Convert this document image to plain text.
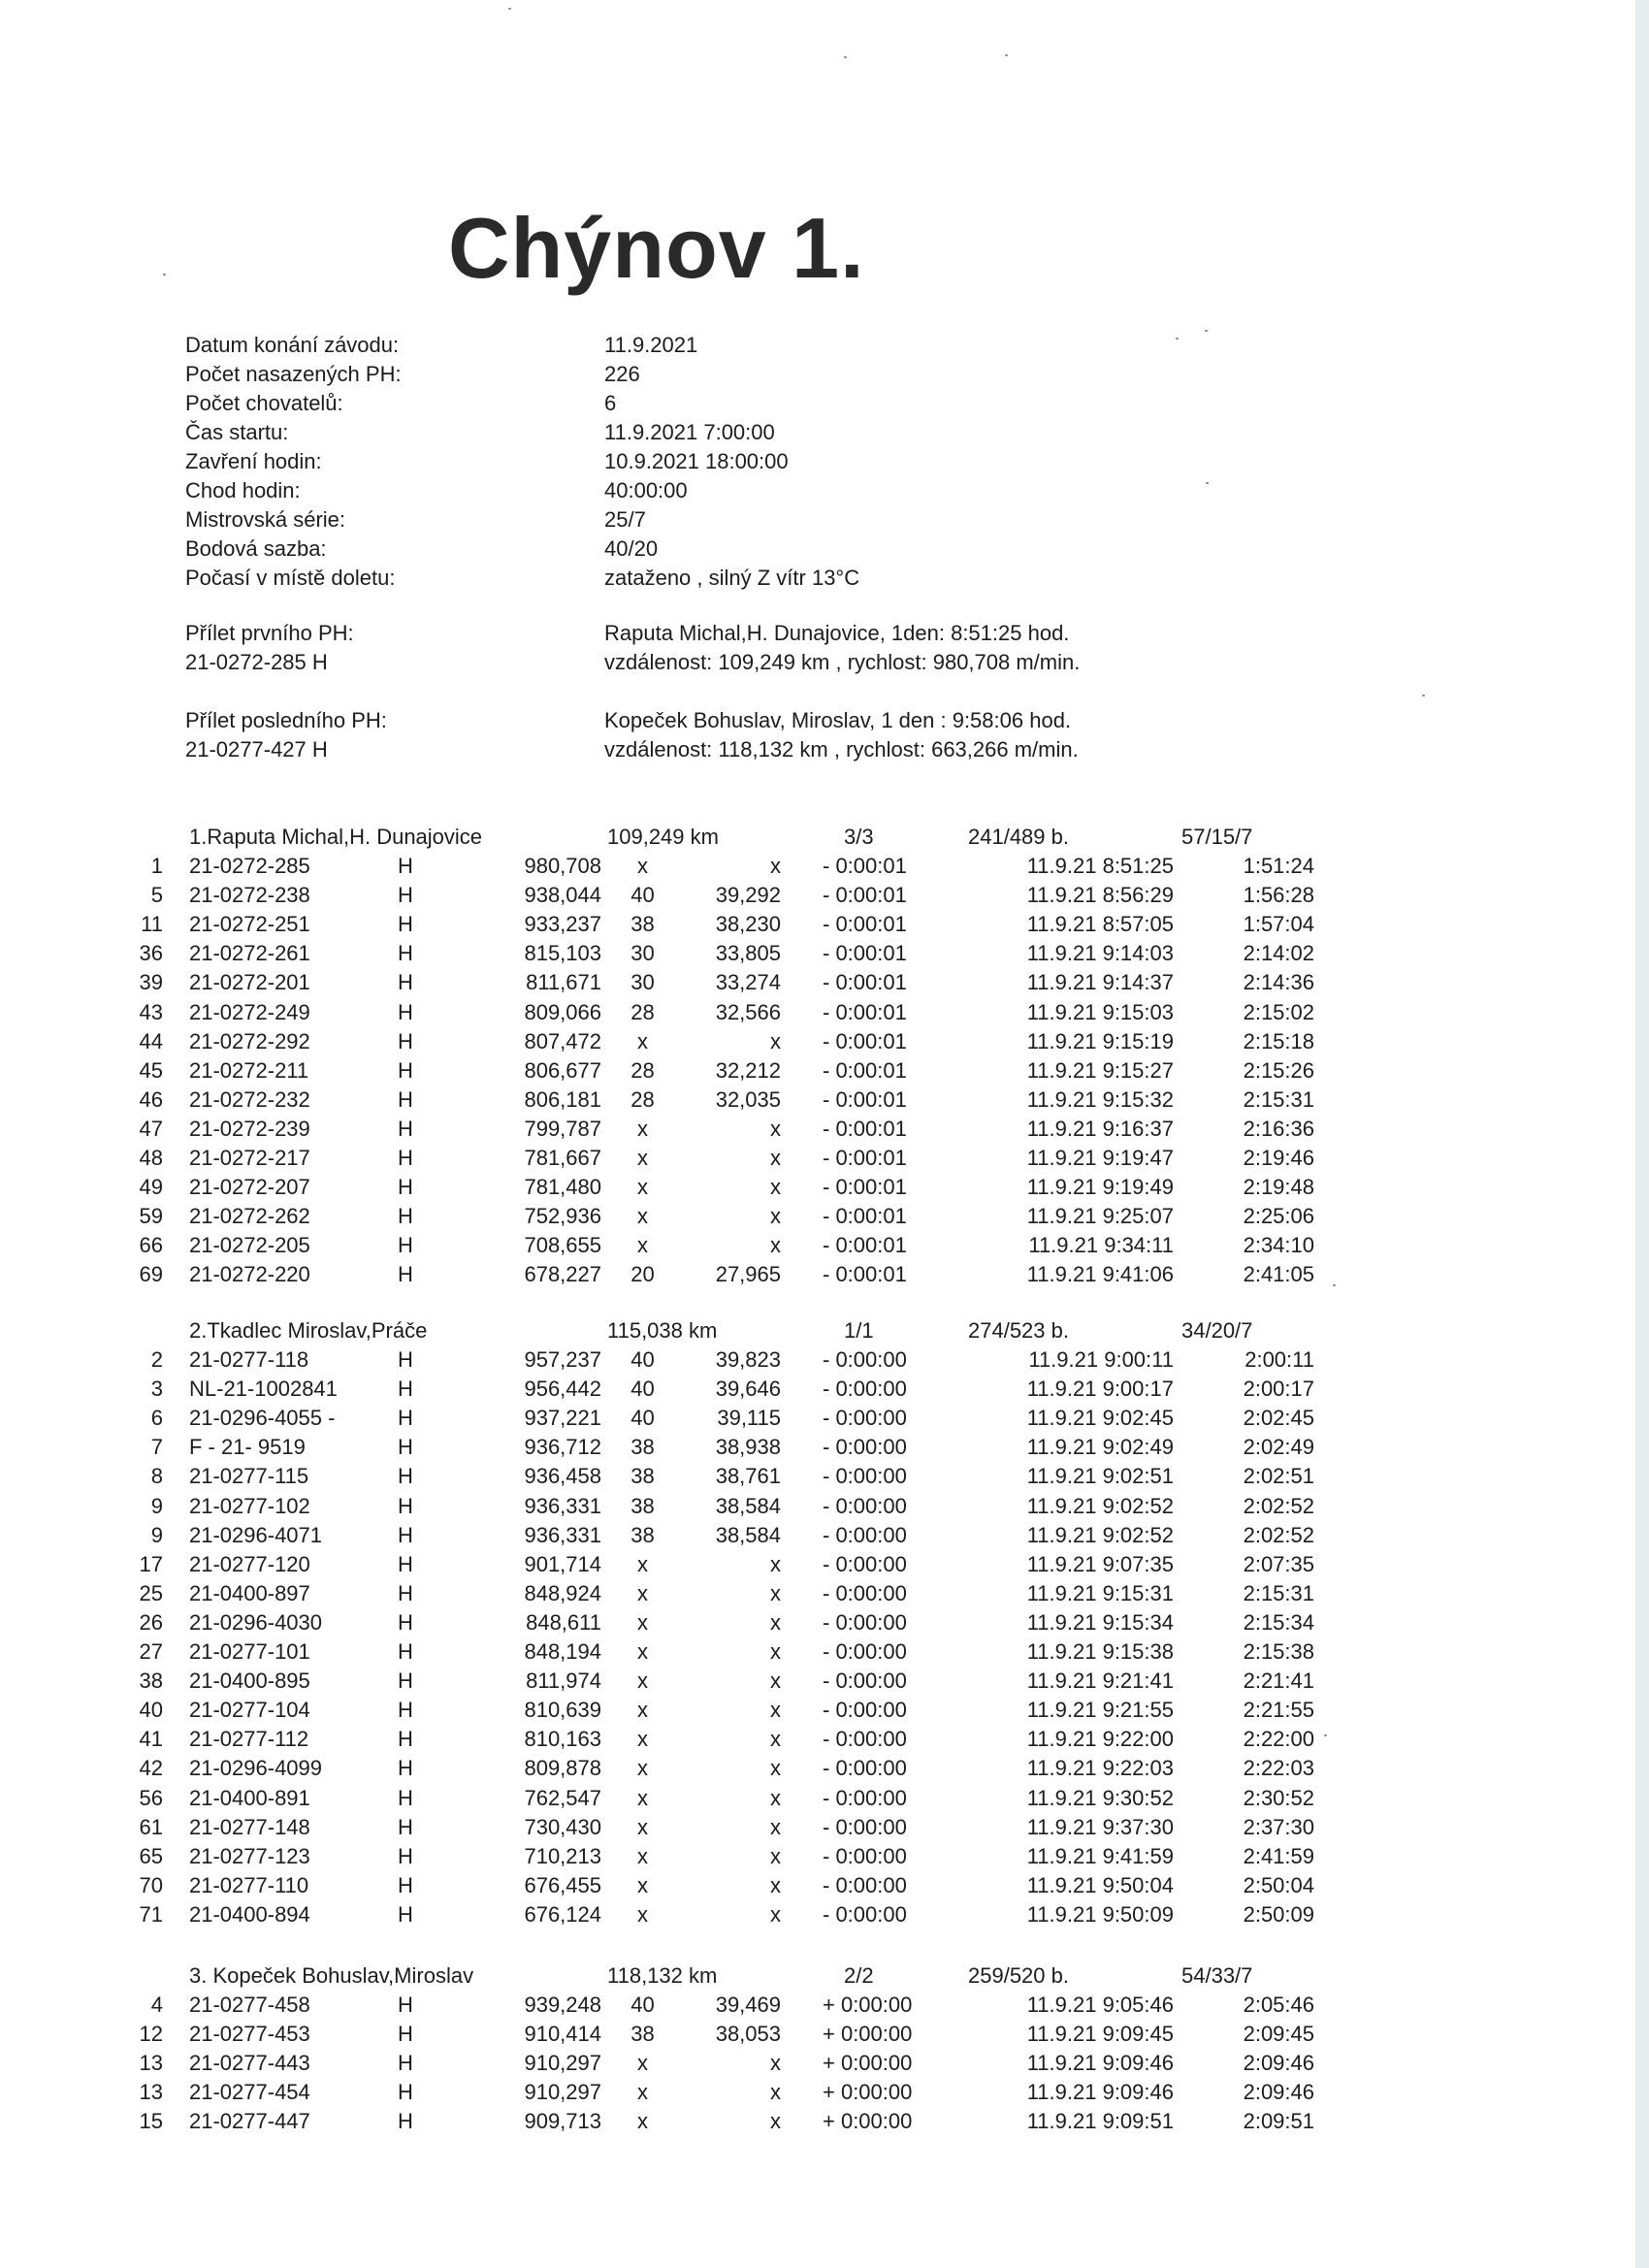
Chýnov 1.
Datum konání závodu:	11.9.2021
Počet nasazených PH:	226
Počet chovatelů:	6
Čas startu:	11.9.2021 7:00:00
Zavření hodin:	10.9.2021 18:00:00
Chod hodin:	40:00:00
Mistrovská série:	25/7
Bodová sazba:	40/20
Počasí v místě doletu:	zataženo , silný Z vítr 13°C
Přílet prvního PH:
21-0272-285 H
Raputa Michal,H. Dunajovice, 1den: 8:51:25 hod.
vzdálenost: 109,249 km , rychlost: 980,708 m/min.
Přílet posledního PH:
21-0277-427 H
Kopeček Bohuslav, Miroslav, 1 den : 9:58:06 hod.
vzdálenost: 118,132 km , rychlost: 663,266 m/min.
1.Raputa Michal,H. Dunajovice	109,249 km	3/3	241/489 b.	57/15/7
1 21-0272-285	H	980,708	x	x - 0:00:01	11.9.21 8:51:25	1:51:24
5 21-0272-238	H	938,044	40	39,292 - 0:00:01	11.9.21 8:56:29	1:56:28
11 21-0272-251	H	933,237	38	38,230 - 0:00:01	11.9.21 8:57:05	1:57:04
36 21-0272-261	H	815,103	30	33,805 - 0:00:01	11.9.21 9:14:03	2:14:02
39 21-0272-201	H	811,671	30	33,274 - 0:00:01	11.9.21 9:14:37	2:14:36
43 21-0272-249	H	809,066	28	32,566 - 0:00:01	11.9.21 9:15:03	2:15:02
44 21-0272-292	H	807,472	x	x - 0:00:01	11.9.21 9:15:19	2:15:18
45 21-0272-211	H	806,677	28	32,212 - 0:00:01	11.9.21 9:15:27	2:15:26
46 21-0272-232	H	806,181	28	32,035 - 0:00:01	11.9.21 9:15:32	2:15:31
47 21-0272-239	H	799,787	x	x - 0:00:01	11.9.21 9:16:37	2:16:36
48 21-0272-217	H	781,667	x	x - 0:00:01	11.9.21 9:19:47	2:19:46
49 21-0272-207	H	781,480	x	x - 0:00:01	11.9.21 9:19:49	2:19:48
59 21-0272-262	H	752,936	x	x - 0:00:01	11.9.21 9:25:07	2:25:06
66 21-0272-205	H	708,655	x	x - 0:00:01	11.9.21 9:34:11	2:34:10
69 21-0272-220	H	678,227	20	27,965 - 0:00:01	11.9.21 9:41:06	2:41:05
2.Tkadlec Miroslav,Práče	115,038 km	1/1	274/523 b.	34/20/7
2 21-0277-118	H	957,237	40	39,823 - 0:00:00	11.9.21 9:00:11	2:00:11
3 NL-21-1002841	H	956,442	40	39,646 - 0:00:00	11.9.21 9:00:17	2:00:17
6 21-0296-4055 -	H	937,221	40	39,115 - 0:00:00	11.9.21 9:02:45	2:02:45
7 F - 21- 9519	H	936,712	38	38,938 - 0:00:00	11.9.21 9:02:49	2:02:49
8 21-0277-115	H	936,458	38	38,761 - 0:00:00	11.9.21 9:02:51	2:02:51
9 21-0277-102	H	936,331	38	38,584 - 0:00:00	11.9.21 9:02:52	2:02:52
9 21-0296-4071	H	936,331	38	38,584 - 0:00:00	11.9.21 9:02:52	2:02:52
17 21-0277-120	H	901,714	x	x - 0:00:00	11.9.21 9:07:35	2:07:35
25 21-0400-897	H	848,924	x	x - 0:00:00	11.9.21 9:15:31	2:15:31
26 21-0296-4030	H	848,611	x	x - 0:00:00	11.9.21 9:15:34	2:15:34
27 21-0277-101	H	848,194	x	x - 0:00:00	11.9.21 9:15:38	2:15:38
38 21-0400-895	H	811,974	x	x - 0:00:00	11.9.21 9:21:41	2:21:41
40 21-0277-104	H	810,639	x	x - 0:00:00	11.9.21 9:21:55	2:21:55
41 21-0277-112	H	810,163	x	x - 0:00:00	11.9.21 9:22:00	2:22:00
42 21-0296-4099	H	809,878	x	x - 0:00:00	11.9.21 9:22:03	2:22:03
56 21-0400-891	H	762,547	x	x - 0:00:00	11.9.21 9:30:52	2:30:52
61 21-0277-148	H	730,430	x	x - 0:00:00	11.9.21 9:37:30	2:37:30
65 21-0277-123	H	710,213	x	x - 0:00:00	11.9.21 9:41:59	2:41:59
70 21-0277-110	H	676,455	x	x - 0:00:00	11.9.21 9:50:04	2:50:04
71 21-0400-894	H	676,124	x	x - 0:00:00	11.9.21 9:50:09	2:50:09
3. Kopeček Bohuslav,Miroslav	118,132 km	2/2	259/520 b.	54/33/7
4 21-0277-458	H	939,248	40	39,469 + 0:00:00	11.9.21 9:05:46	2:05:46
12 21-0277-453	H	910,414	38	38,053 + 0:00:00	11.9.21 9:09:45	2:09:45
13 21-0277-443	H	910,297	x	x + 0:00:00	11.9.21 9:09:46	2:09:46
13 21-0277-454	H	910,297	x	x + 0:00:00	11.9.21 9:09:46	2:09:46
15 21-0277-447	H	909,713	x	x + 0:00:00	11.9.21 9:09:51	2:09:51
